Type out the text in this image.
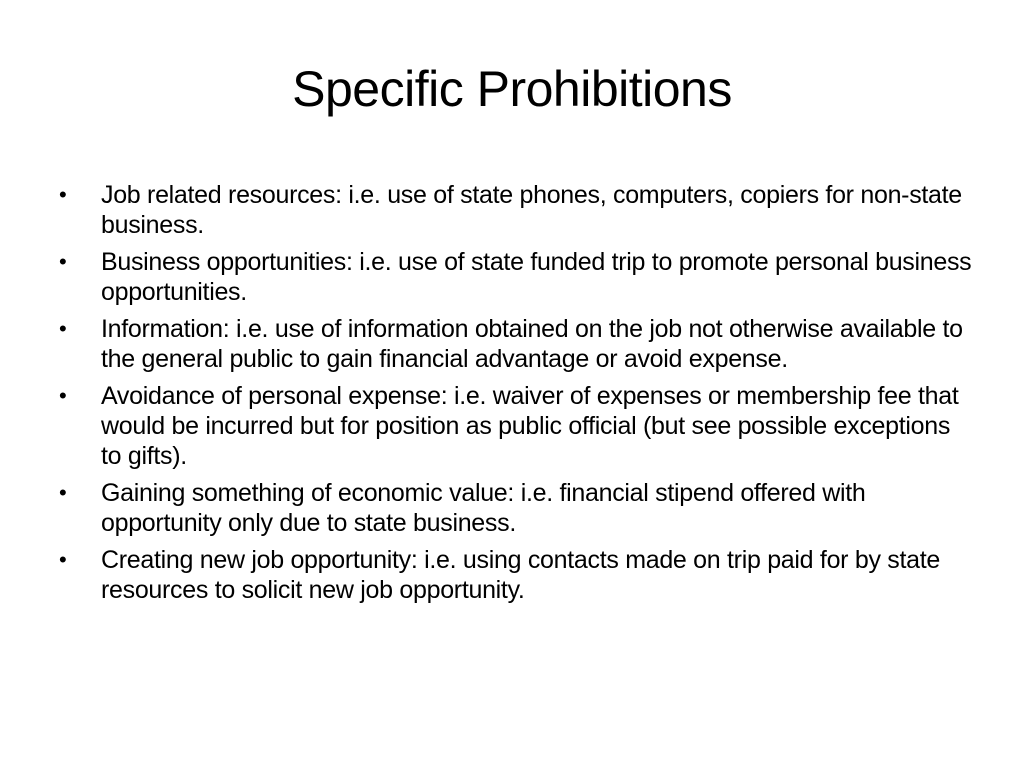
Specific Prohibitions
• Job related resources: i.e. use of state phones, computers, copiers for non-state business.
• Business opportunities: i.e. use of state funded trip to promote personal business opportunities.
• Information: i.e. use of information obtained on the job not otherwise available to the general public to gain financial advantage or avoid expense.
• Avoidance of personal expense: i.e. waiver of expenses or membership fee that would be incurred but for position as public official (but see possible exceptions to gifts).
• Gaining something of economic value: i.e. financial stipend offered with opportunity only due to state business.
• Creating new job opportunity: i.e. using contacts made on trip paid for by state resources to solicit new job opportunity.
